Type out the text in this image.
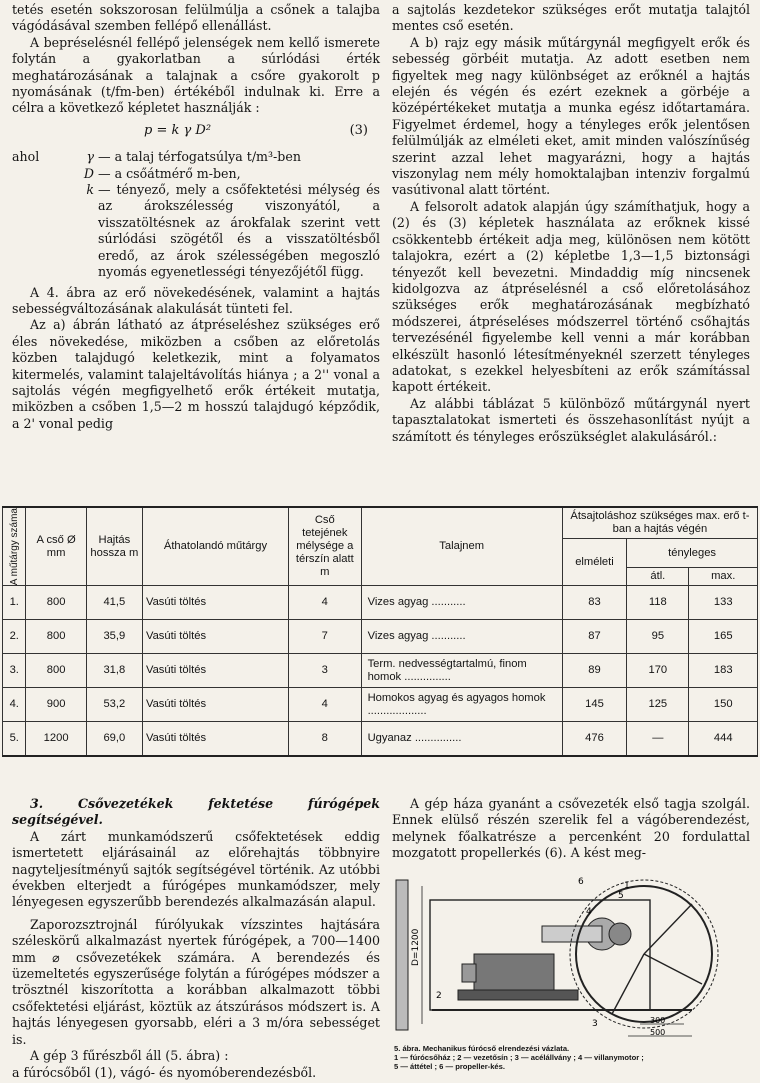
tetés esetén sokszorosan felülmúlja a csőnek a talajba vágódásával szemben fellépő ellenállást.

A bepréselésnél fellépő jelenségek nem kellő ismerete folytán a gyakorlatban a súrlódási érték meghatározásának a talajnak a csőre gyakorolt p nyomásának (t/fm-ben) értékéből indulnak ki. Erre a célra a következő képletet használják :

p = k γ D²	(3)
ahol	γ — a talaj térfogatsúlya t/m³-ben
D — a csőátmérő m-ben,
k — tényező, mely a csőfektetési mélység és az árokszélesség viszonyától, a visszatöltésnek az árokfalak szerint vett súrlódási szögétől és a visszatöltésből eredő, az árok szélességében megoszló nyomás egyenetlességi tényezőjétől függ.

A 4. ábra az erő növekedésének, valamint a hajtás sebességváltozásának alakulását tünteti fel.

Az a) ábrán látható az átpréseléshez szükséges erő éles növekedése, miközben a csőben az előretolás közben talajdugó keletkezik, mint a folyamatos kitermelés, valamint talajeltávolítás hiánya ; a 2'' vonal a sajtolás végén megfigyelhető erők értékeit mutatja, miközben a csőben 1,5—2 m hosszú talajdugó képződik, a 2' vonal pedig

a sajtolás kezdetekor szükséges erőt mutatja talajtól mentes cső esetén.

A b) rajz egy másik műtárgynál megfigyelt erők és sebesség görbéit mutatja. Az adott esetben nem figyeltek meg nagy különbséget az erőknél a hajtás elején és végén és ezért ezeknek a görbéje a középértékeket mutatja a munka egész időtartamára. Figyelmet érdemel, hogy a tényleges erők jelentősen felülmúlják az elméleti eket, amit minden valószínűség szerint azzal lehet magyarázni, hogy a hajtás viszonylag nem mély homoktalajban intenziv forgalmú vasútivonal alatt történt.

A felsorolt adatok alapján úgy számíthatjuk, hogy a (2) és (3) képletek használata az erőknek kissé csökkentebb értékeit adja meg, különösen nem kötött talajokra, ezért a (2) képletbe 1,3—1,5 biztonsági tényezőt kell bevezetni. Mindaddig míg nincsenek kidolgozva az átpréselésnél a cső előretolásához szükséges erők meghatározásának megbízható módszerei, átpréseléses módszerrel történő csőhajtás tervezésénél figyelembe kell venni a már korábban elkészült hasonló létesítményeknél szerzett tényleges adatokat, s ezekkel helyesbíteni az erők számítással kapott értékeit.

Az alábbi táblázat 5 különböző műtárgynál nyert tapasztalatokat ismerteti és összehasonlítást nyújt a számított és tényleges erőszükséglet alakulásáról.:

A műtárgy száma	A cső Ø mm	Hajtás hossza m	Áthatolandó műtárgy	Cső tetejének mélysége a térszín alatt m	Talajnem	Átsajtoláshoz szükséges max. erő t-ban a hajtás végén		
						elméleti	tényleges	
							átl.	max.
1.	800	41,5	Vasúti töltés	4	Vizes agyag ...........	83	118	133
2.	800	35,9	Vasúti töltés	7	Vizes agyag ...........	87	95	165
3.	800	31,8	Vasúti töltés	3	Term. nedvességtartalmú, finom homok ...............	89	170	183
4.	900	53,2	Vasúti töltés	4	Homokos agyag és agyagos homok ...................	145	125	150
5.	1200	69,0	Vasúti töltés	8	Ugyanaz ...............	476	—	444

3. Csővezetékek fektetése fúrógépek segítségével.

A zárt munkamódszerű csőfektetések eddig ismertetett eljárásainál az előrehajtás többnyire nagyteljesítményű sajtók segítségével történik. Az utóbbi években elterjedt a fúrógépes munkamódszer, mely lényegesen egyszerűbb berendezés alkalmazásán alapul.

Zaporozsztrojnál fúrólyukak vízszintes hajtására széleskörű alkalmazást nyertek fúrógépek, a 700—1400 mm ⌀ csővezetékek számára. A berendezés és üzemeltetés egyszerűsége folytán a fúrógépes módszer a trösztnél kiszorította a korábban alkalmazott többi csőfektetési eljárást, köztük az átszúrásos módszert is. A hajtás lényegesen gyorsabb, eléri a 3 m/óra sebességet is.

A gép 3 fűrészből áll (5. ábra) :

a fúrócsőből (1), vágó- és nyomóberendezésből.

A gép háza gyanánt a csővezeték első tagja szolgál. Ennek elülső részén szerelik fel a vágóberendezést, melynek főalkatrésze a percenként 20 fordulattal mozgatott propellerkés (6). A kést meg-

D=1200
1
2
3
4
5
6
300
500
5. ábra. Mechanikus fúrócső elrendezési vázlata.
1 — fúrócsőház ; 2 — vezetősín ; 3 — acélállvány ; 4 — villanymotor ;
5 — áttétel ; 6 — propeller-kés.
